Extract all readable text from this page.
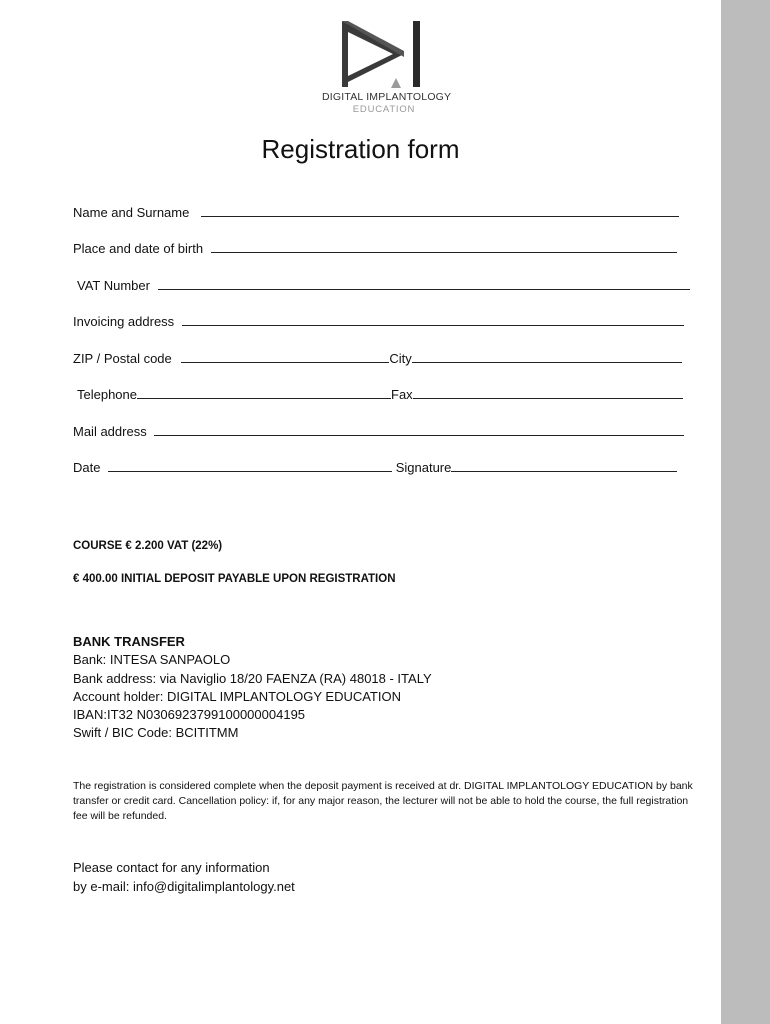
DIGITAL IMPLANTOLOGY
EDUCATION
Registration form
Name and Surname
Place and date of birth
VAT Number
Invoicing address
ZIP / Postal code	City
Telephone	Fax
Mail address
Date	Signature
COURSE € 2.200 VAT (22%)
€ 400.00 INITIAL DEPOSIT PAYABLE UPON REGISTRATION
BANK TRANSFER
Bank: INTESA SANPAOLO
Bank address: via Naviglio 18/20 FAENZA (RA) 48018 - ITALY
Account holder: DIGITAL IMPLANTOLOGY EDUCATION
IBAN:IT32 N0306923799100000004195
Swift / BIC Code: BCITITMM
The registration is considered complete when the deposit payment is received at dr. DIGITAL IMPLANTOLOGY EDUCATION by bank transfer or credit card. Cancellation policy: if, for any major reason, the lecturer will not be able to hold the course, the full registration fee will be refunded.
Please contact for any information
by e-mail: info@digitalimplantology.net
